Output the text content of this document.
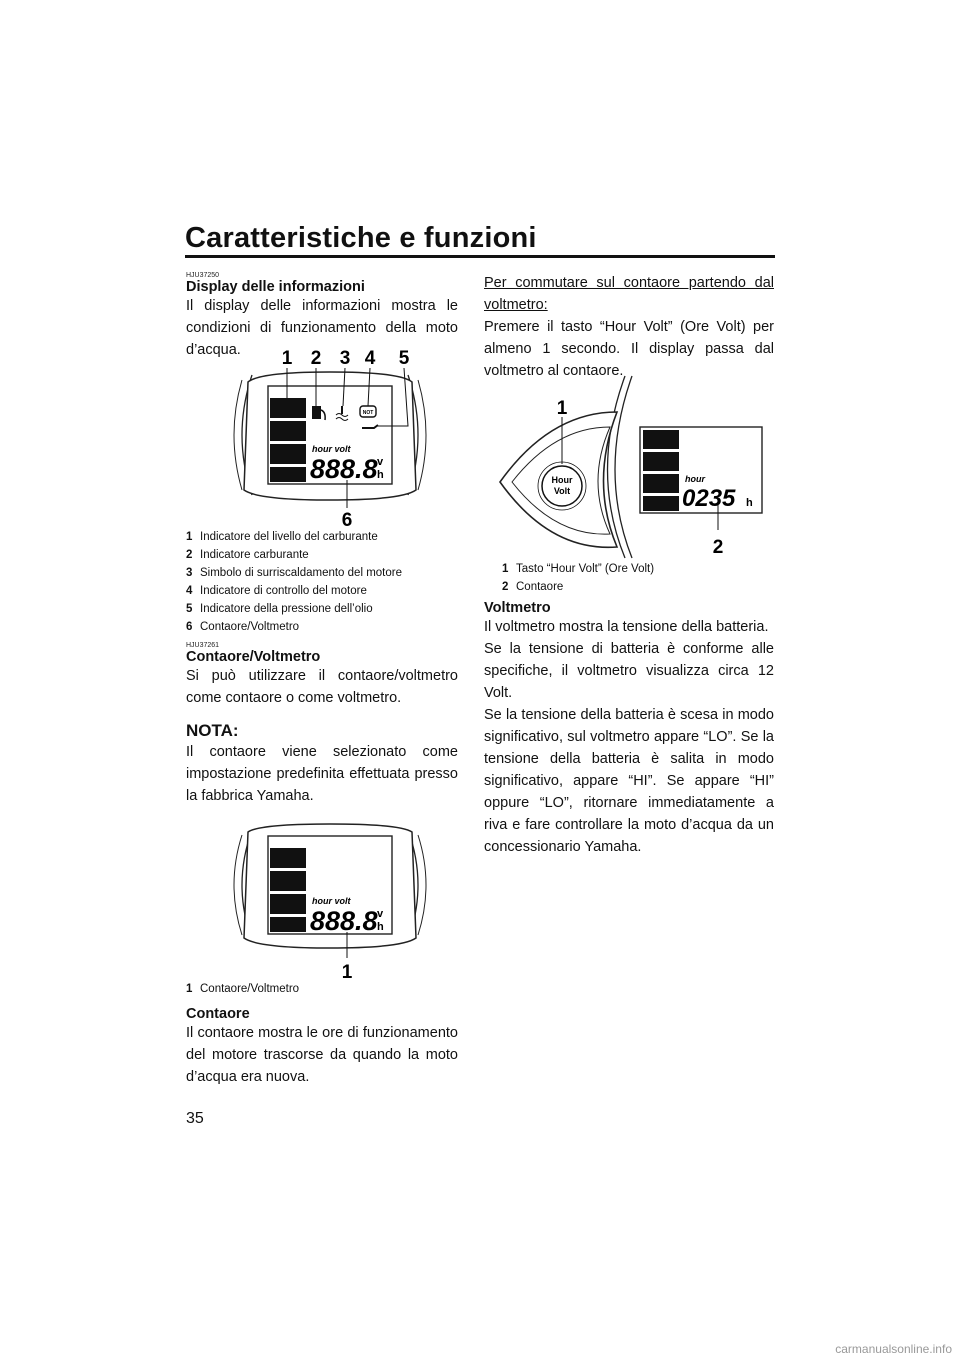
Caratteristiche e funzioni
35
HJU37250
Display delle informazioni
Il display delle informazioni mostra le condizioni di funzionamento della moto d’acqua.
NOT
hour volt
888.8 v
h
1 2 3 4 5
6
1 Indicatore del livello del carburante
2 Indicatore carburante
3 Simbolo di surriscaldamento del motore
4 Indicatore di controllo del motore
5 Indicatore della pressione dell’olio
6 Contaore/Voltmetro
HJU37261
Contaore/Voltmetro
Si può utilizzare il contaore/voltmetro come contaore o come voltmetro.
NOTA:
Il contaore viene selezionato come impostazione predefinita effettuata presso la fabbrica Yamaha.
hour volt
888.8 v
h
1
1 Contaore/Voltmetro
Contaore
Il contaore mostra le ore di funzionamento del motore trascorse da quando la moto d’acqua era nuova.
Per commutare sul contaore partendo dal voltmetro:
Premere il tasto “Hour Volt” (Ore Volt) per almeno 1 secondo. Il display passa dal voltmetro al contaore.
Hour
Volt
hour
0235 h
1
2
1 Tasto “Hour Volt” (Ore Volt)
2 Contaore
Voltmetro
Il voltmetro mostra la tensione della batteria.
Se la tensione di batteria è conforme alle specifiche, il voltmetro visualizza circa 12 Volt.
Se la tensione della batteria è scesa in modo significativo, sul voltmetro appare “LO”. Se la tensione della batteria è salita in modo significativo, appare “HI”. Se appare “HI” oppure “LO”, ritornare immediatamente a riva e fare controllare la moto d’acqua da un concessionario Yamaha.
carmanualsonline.info
